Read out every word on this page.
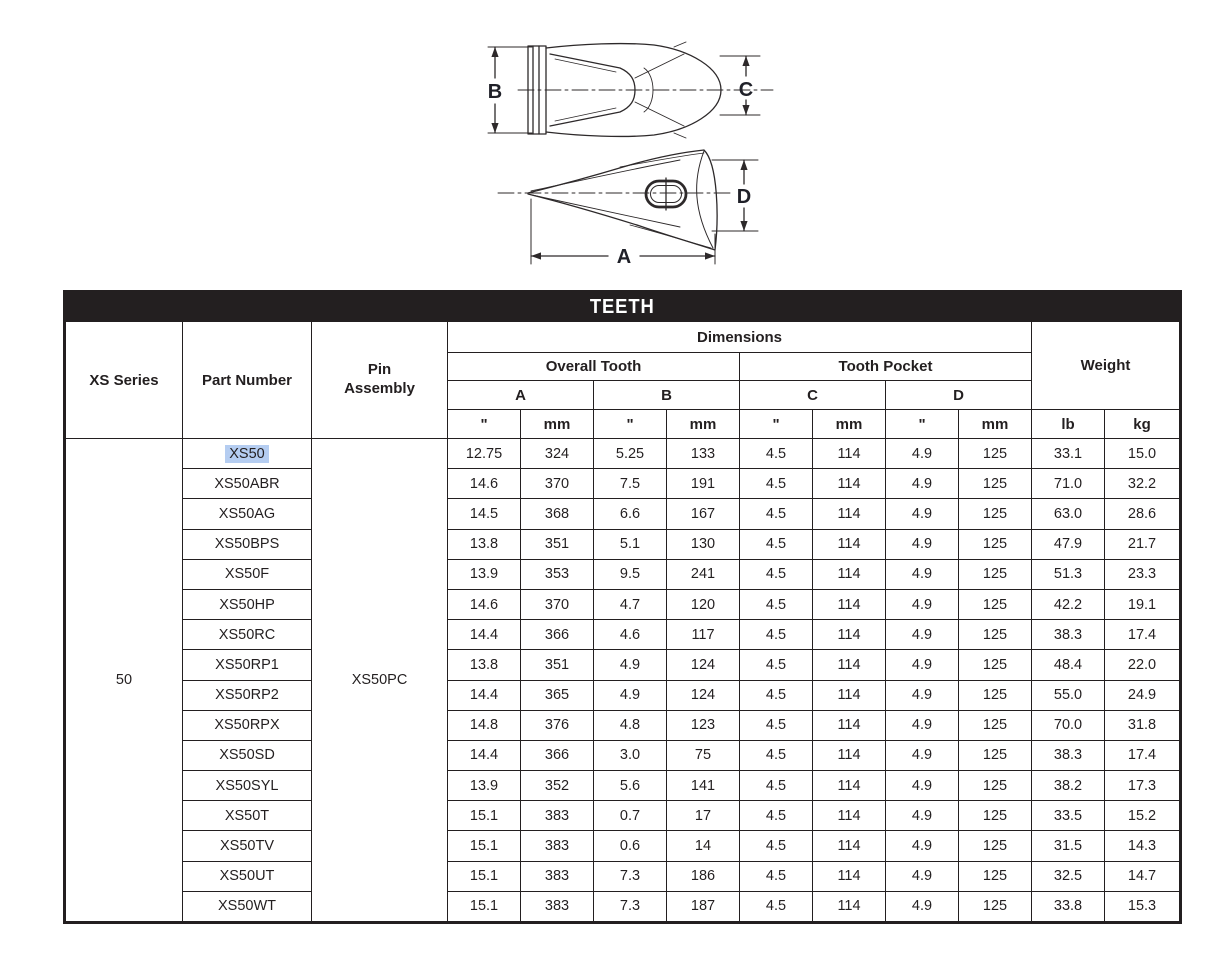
B	C
D
A
TEETH												
XS Series	Part Number	Pin Assembly	Dimensions								Weight	
			Overall Tooth				Tooth Pocket					
			A		B		C		D			
			"	mm	"	mm	"	mm	"	mm	lb	kg
50	XS50	XS50PC	12.75	324	5.25	133	4.5	114	4.9	125	33.1	15.0
	XS50ABR		14.6	370	7.5	191	4.5	114	4.9	125	71.0	32.2
	XS50AG		14.5	368	6.6	167	4.5	114	4.9	125	63.0	28.6
	XS50BPS		13.8	351	5.1	130	4.5	114	4.9	125	47.9	21.7
	XS50F		13.9	353	9.5	241	4.5	114	4.9	125	51.3	23.3
	XS50HP		14.6	370	4.7	120	4.5	114	4.9	125	42.2	19.1
	XS50RC		14.4	366	4.6	117	4.5	114	4.9	125	38.3	17.4
	XS50RP1		13.8	351	4.9	124	4.5	114	4.9	125	48.4	22.0
	XS50RP2		14.4	365	4.9	124	4.5	114	4.9	125	55.0	24.9
	XS50RPX		14.8	376	4.8	123	4.5	114	4.9	125	70.0	31.8
	XS50SD		14.4	366	3.0	75	4.5	114	4.9	125	38.3	17.4
	XS50SYL		13.9	352	5.6	141	4.5	114	4.9	125	38.2	17.3
	XS50T		15.1	383	0.7	17	4.5	114	4.9	125	33.5	15.2
	XS50TV		15.1	383	0.6	14	4.5	114	4.9	125	31.5	14.3
	XS50UT		15.1	383	7.3	186	4.5	114	4.9	125	32.5	14.7
	XS50WT		15.1	383	7.3	187	4.5	114	4.9	125	33.8	15.3
